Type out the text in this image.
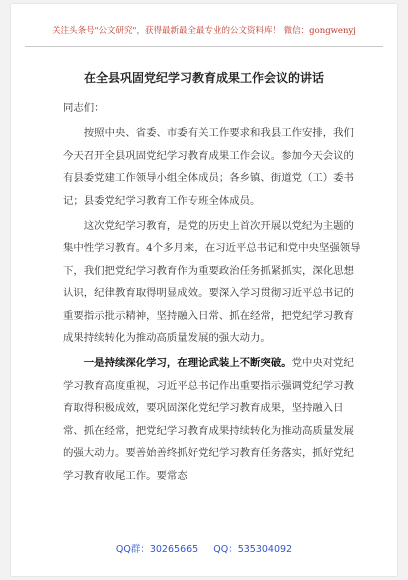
关注头条号"公文研究"，获得最新最全最专业的公文资料库！ 微信：gongwenyj
在全县巩固党纪学习教育成果工作会议的讲话

同志们：

按照中央、省委、市委有关工作要求和我县工作安排，我们今天召开全县巩固党纪学习教育成果工作会议。参加今天会议的有县委党建工作领导小组全体成员；各乡镇、街道党（工）委书记；县委党纪学习教育工作专班全体成员。

这次党纪学习教育，是党的历史上首次开展以党纪为主题的集中性学习教育。4个多月来，在习近平总书记和党中央坚强领导下，我们把党纪学习教育作为重要政治任务抓紧抓实，深化思想认识，纪律教育取得明显成效。要深入学习贯彻习近平总书记的重要指示批示精神，坚持融入日常、抓在经常，把党纪学习教育成果持续转化为推动高质量发展的强大动力。

一是持续深化学习，在理论武装上不断突破。党中央对党纪学习教育高度重视，习近平总书记作出重要指示强调党纪学习教育取得积极成效，要巩固深化党纪学习教育成果，坚持融入日常、抓在经常，把党纪学习教育成果持续转化为推动高质量发展的强大动力。要善始善终抓好党纪学习教育任务落实，抓好党纪学习教育收尾工作。要常态

QQ群：30265665 QQ：535304092
